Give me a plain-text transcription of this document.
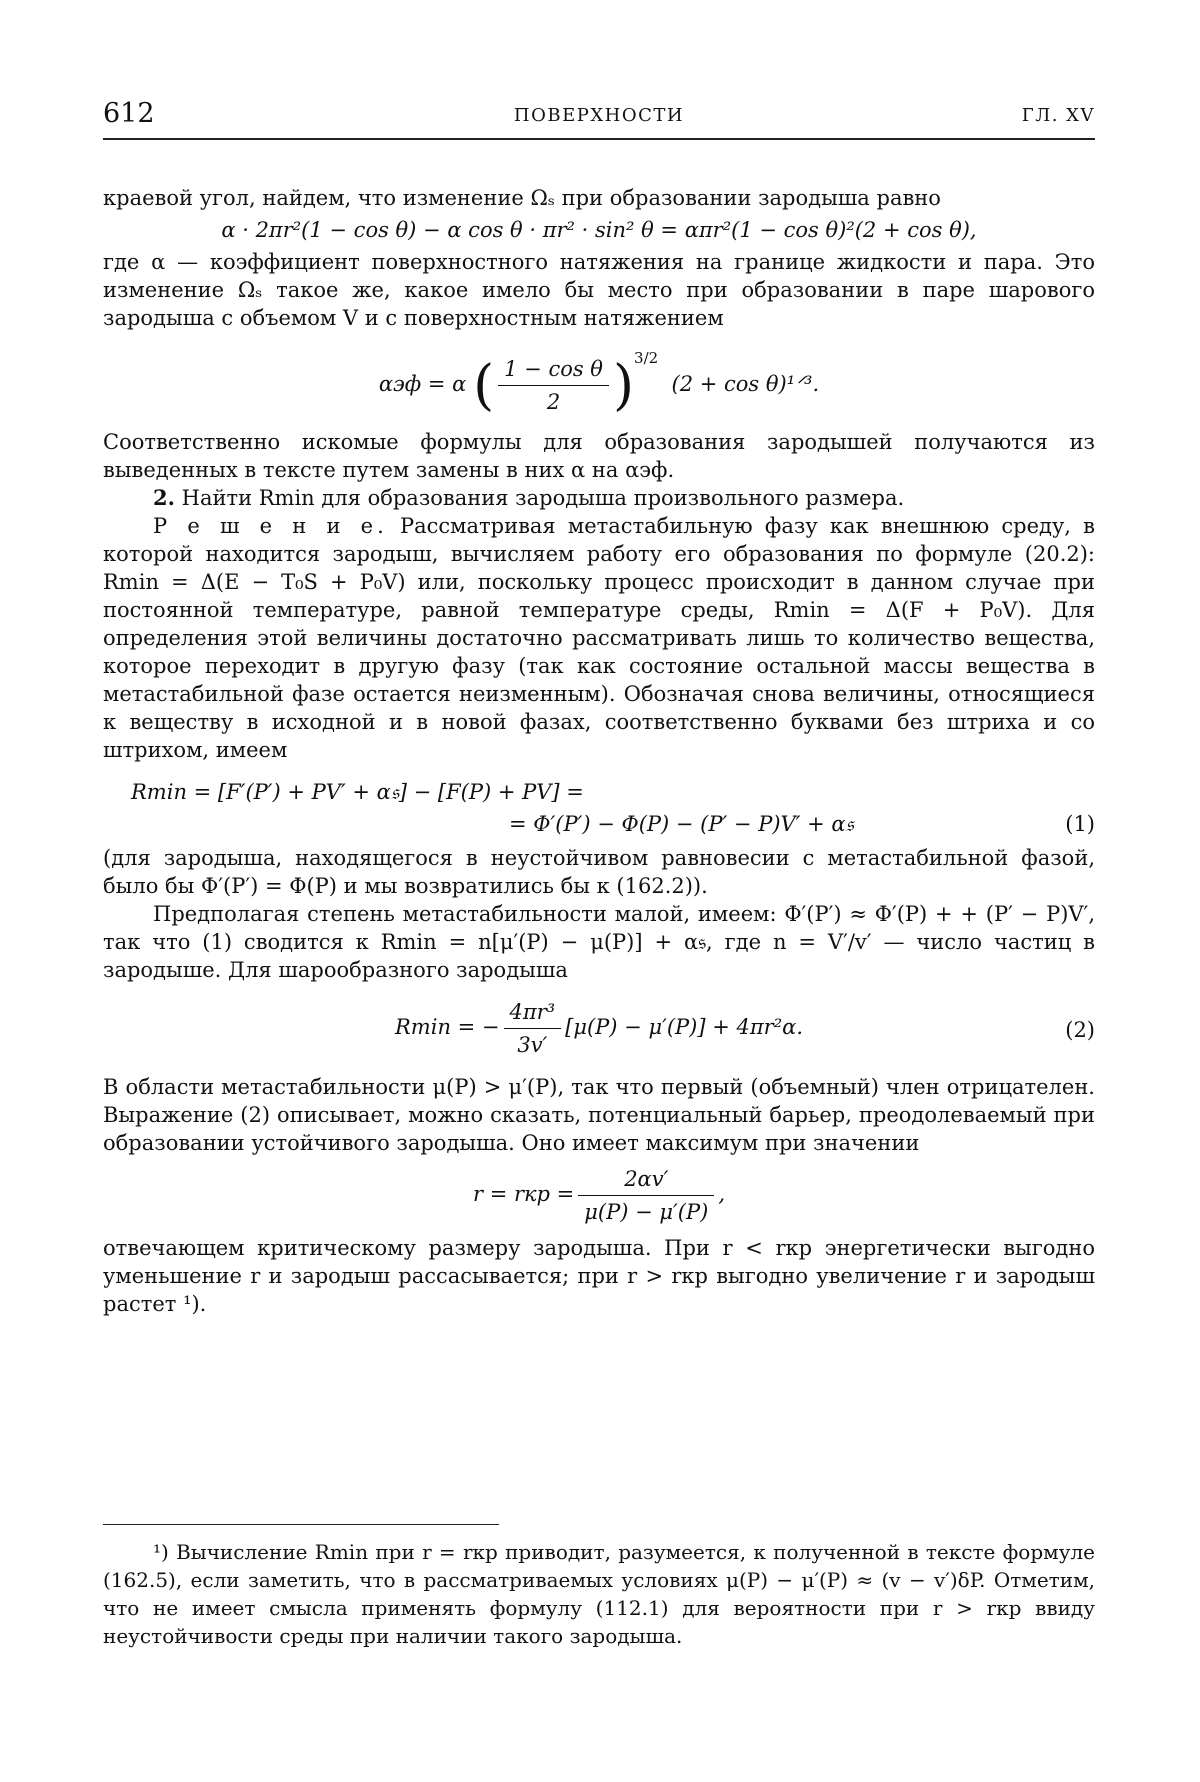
612	ПОВЕРХНОСТИ	ГЛ. XV

краевой угол, найдем, что изменение Ωₛ при образовании зародыша равно

α · 2πr²(1 − cos θ) − α cos θ · πr² · sin² θ = απr²(1 − cos θ)²(2 + cos θ),

где α — коэффициент поверхностного натяжения на границе жидкости и пара. Это изменение Ωₛ такое же, какое имело бы место при образовании в паре шарового зародыша с объемом V и с поверхностным натяжением

αэф = α ( $\frac{\text{1 − cos θ}}{2} )^{3/2}$  (2 + cos θ)¹ᐟ³.

Соответственно искомые формулы для образования зародышей получаются из выведенных в тексте путем замены в них α на αэф.

2. Найти Rmin для образования зародыша произвольного размера.

Р е ш е н и е. Рассматривая метастабильную фазу как внешнюю среду, в которой находится зародыш, вычисляем работу его образования по формуле (20.2): Rmin = Δ(E − T₀S + P₀V) или, поскольку процесс происходит в данном случае при постоянной температуре, равной температуре среды, Rmin = Δ(F + P₀V). Для определения этой величины достаточно рассматривать лишь то количество вещества, которое переходит в другую фазу (так как состояние остальной массы вещества в метастабильной фазе остается неизменным). Обозначая снова величины, относящиеся к веществу в исходной и в новой фазах, соответственно буквами без штриха и со штрихом, имеем

Rmin = [F′(P′) + PV′ + α𝔰] − [F(P) + PV] =
= Φ′(P′) − Φ(P) − (P′ − P)V′ + α𝔰	(1)

(для зародыша, находящегося в неустойчивом равновесии с метастабильной фазой, было бы Φ′(P′) = Φ(P) и мы возвратились бы к (162.2)).

Предполагая степень метастабильности малой, имеем: Φ′(P′) ≈ Φ′(P) + + (P′ − P)V′, так что (1) сводится к Rmin = n[μ′(P) − μ(P)] + α𝔰, где n = V′/v′ — число частиц в зародыше. Для шарообразного зародыша

Rmin = − $\frac{\text{4πr³}}{3v'} [\mu(P) - \mu'(P)] + 4\pi r^2\alpha$.	(2)

В области метастабильности μ(P) > μ′(P), так что первый (объемный) член отрицателен. Выражение (2) описывает, можно сказать, потенциальный барьер, преодолеваемый при образовании устойчивого зародыша. Оно имеет максимум при значении

r = rкр = $\frac{2\alpha v'}{\mu(P) - \mu'(P)}$ ,

отвечающем критическому размеру зародыша. При r < rкр энергетически выгодно уменьшение r и зародыш рассасывается; при r > rкр выгодно увеличение r и зародыш растет ¹).

¹) Вычисление Rmin при r = rкр приводит, разумеется, к полученной в тексте формуле (162.5), если заметить, что в рассматриваемых условиях μ(P) − μ′(P) ≈ (v − v′)δP. Отметим, что не имеет смысла применять формулу (112.1) для вероятности при r > rкр ввиду неустойчивости среды при наличии такого зародыша.
